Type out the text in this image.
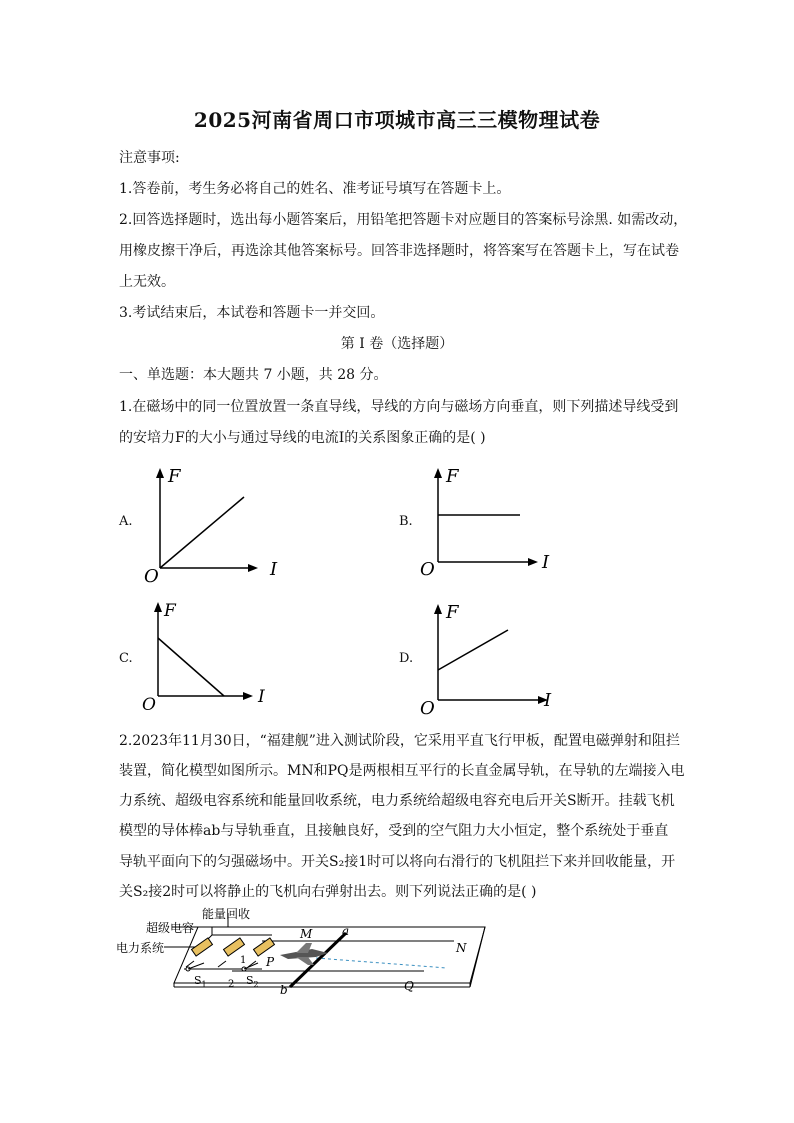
2025河南省周口市项城市高三三模物理试卷
注意事项:
1.答卷前，考生务必将自己的姓名、准考证号填写在答题卡上。
2.回答选择题时，选出每小题答案后，用铅笔把答题卡对应题目的答案标号涂黑. 如需改动，
用橡皮擦干净后，再选涂其他答案标号。回答非选择题时，将答案写在答题卡上，写在试卷
上无效。
3.考试结束后，本试卷和答题卡一并交回。
第 I 卷（选择题）
一、单选题：本大题共 7 小题，共 28 分。
1.在磁场中的同一位置放置一条直导线，导线的方向与磁场方向垂直，则下列描述导线受到
的安培力F的大小与通过导线的电流I的关系图象正确的是( )
A.	B.
C.	D.
F
I
O
F
I
O
F
I
O
F
I
O
2.2023年11月30日，“福建舰”进入测试阶段，它采用平直飞行甲板，配置电磁弹射和阻拦
装置，简化模型如图所示。MN和PQ是两根相互平行的长直金属导轨，在导轨的左端接入电
力系统、超级电容系统和能量回收系统，电力系统给超级电容充电后开关S断开。挂载飞机
模型的导体棒ab与导轨垂直，且接触良好，受到的空气阻力大小恒定，整个系统处于垂直
导轨平面向下的匀强磁场中。开关S₂接1时可以将向右滑行的飞机阻拦下来并回收能量，开
关S₂接2时可以将静止的飞机向右弹射出去。则下列说法正确的是( )
能量回收
超级电容
电力系统
M
N
P
Q
a
b
$S_1$	$S_2$
1
2
